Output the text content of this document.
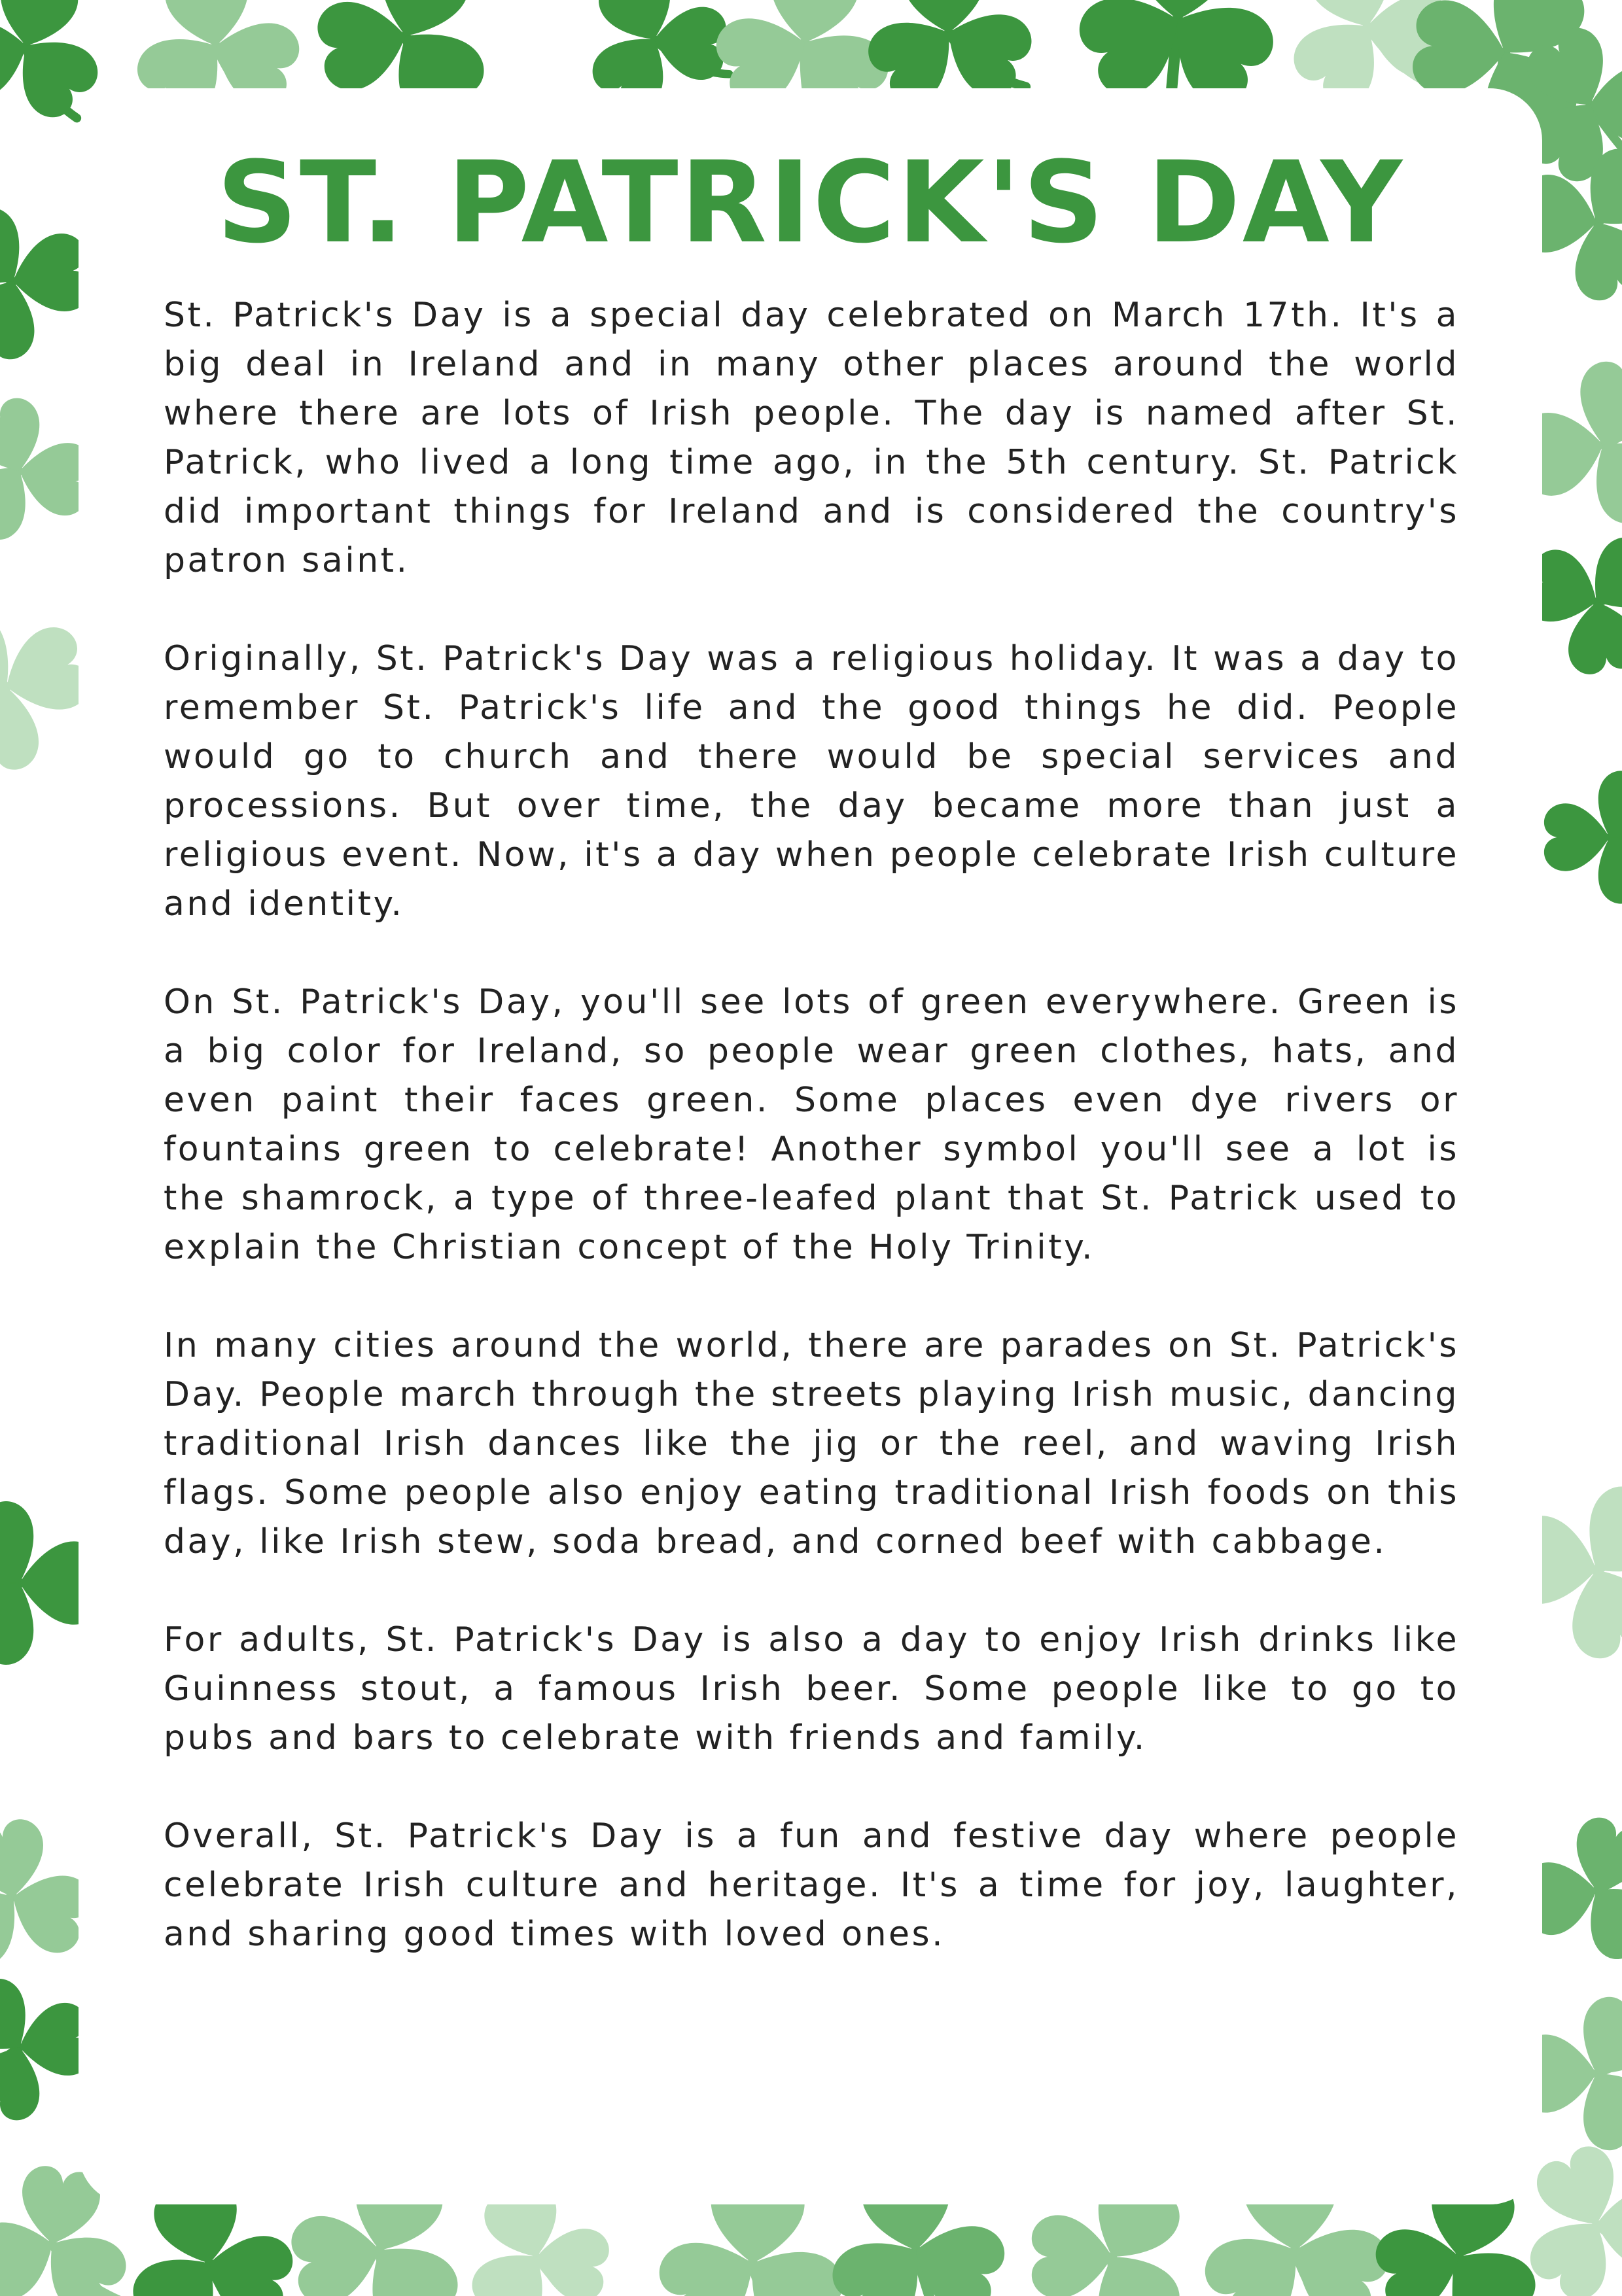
ST. PATRICK'S DAY

St. Patrick's Day is a special day celebrated on March 17th. It's a big deal in Ireland and in many other places around the world where there are lots of Irish people. The day is named after St. Patrick, who lived a long time ago, in the 5th century. St. Patrick did important things for Ireland and is considered the country's patron saint.

Originally, St. Patrick's Day was a religious holiday. It was a day to remember St. Patrick's life and the good things he did. People would go to church and there would be special services and processions. But over time, the day became more than just a religious event. Now, it's a day when people celebrate Irish culture and identity.

On St. Patrick's Day, you'll see lots of green everywhere. Green is a big color for Ireland, so people wear green clothes, hats, and even paint their faces green. Some places even dye rivers or fountains green to celebrate! Another symbol you'll see a lot is the shamrock, a type of three-leafed plant that St. Patrick used to explain the Christian concept of the Holy Trinity.

In many cities around the world, there are parades on St. Patrick's Day. People march through the streets playing Irish music, dancing traditional Irish dances like the jig or the reel, and waving Irish flags. Some people also enjoy eating traditional Irish foods on this day, like Irish stew, soda bread, and corned beef with cabbage.

For adults, St. Patrick's Day is also a day to enjoy Irish drinks like Guinness stout, a famous Irish beer. Some people like to go to pubs and bars to celebrate with friends and family.

Overall, St. Patrick's Day is a fun and festive day where people celebrate Irish culture and heritage. It's a time for joy, laughter, and sharing good times with loved ones.
